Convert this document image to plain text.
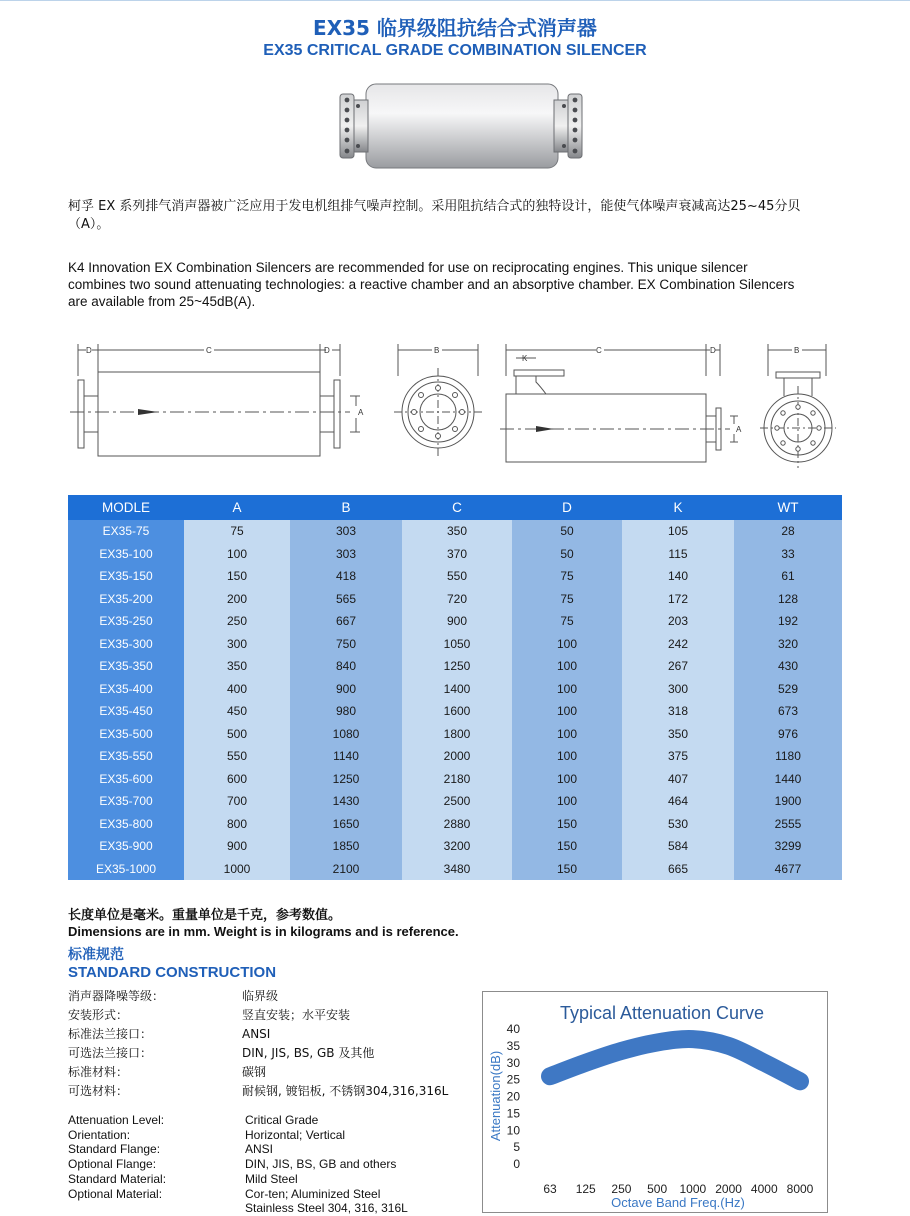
EX35 临界级阻抗结合式消声器
EX35 CRITICAL GRADE COMBINATION SILENCER
柯孚 EX 系列排气消声器被广泛应用于发电机组排气噪声控制。采用阻抗结合式的独特设计，能使气体噪声衰减高达25~45分贝（A）。
K4 Innovation EX Combination Silencers are recommended for use on reciprocating engines. This unique silencer combines two sound attenuating technologies: a reactive chamber and an absorptive chamber. EX Combination Silencers are available from 25~45dB(A).
D	C	D
A
B
K
C	D
A
B
MODLE	A	B	C	D	K	WT
EX35-75	75	303	350	50	105	28
EX35-100	100	303	370	50	115	33
EX35-150	150	418	550	75	140	61
EX35-200	200	565	720	75	172	128
EX35-250	250	667	900	75	203	192
EX35-300	300	750	1050	100	242	320
EX35-350	350	840	1250	100	267	430
EX35-400	400	900	1400	100	300	529
EX35-450	450	980	1600	100	318	673
EX35-500	500	1080	1800	100	350	976
EX35-550	550	1140	2000	100	375	1180
EX35-600	600	1250	2180	100	407	1440
EX35-700	700	1430	2500	100	464	1900
EX35-800	800	1650	2880	150	530	2555
EX35-900	900	1850	3200	150	584	3299
EX35-1000	1000	2100	3480	150	665	4677
长度单位是毫米。重量单位是千克，参考数值。
Dimensions are in mm. Weight is in kilograms and is reference.
标准规范
STANDARD CONSTRUCTION
消声器降噪等级：	临界级
安装形式：	竖直安装；水平安装
标准法兰接口：	ANSI
可选法兰接口：	DIN, JIS, BS, GB 及其他
标准材料：	碳钢
可选材料：	耐候钢, 镀铝板, 不锈钢304,316,316L
Attenuation Level:	Critical Grade
Orientation:	Horizontal; Vertical
Standard Flange:	ANSI
Optional Flange:	DIN, JIS, BS, GB and others
Standard Material:	Mild Steel
Optional Material:	Cor-ten; Aluminized Steel
Stainless Steel 304, 316, 316L
Typical Attenuation Curve
Attenuation(dB)
Octave Band Freq.(Hz)
0
5
10
15
20
25
30
35
40
63 125 250 500 1000 2000 4000 8000
